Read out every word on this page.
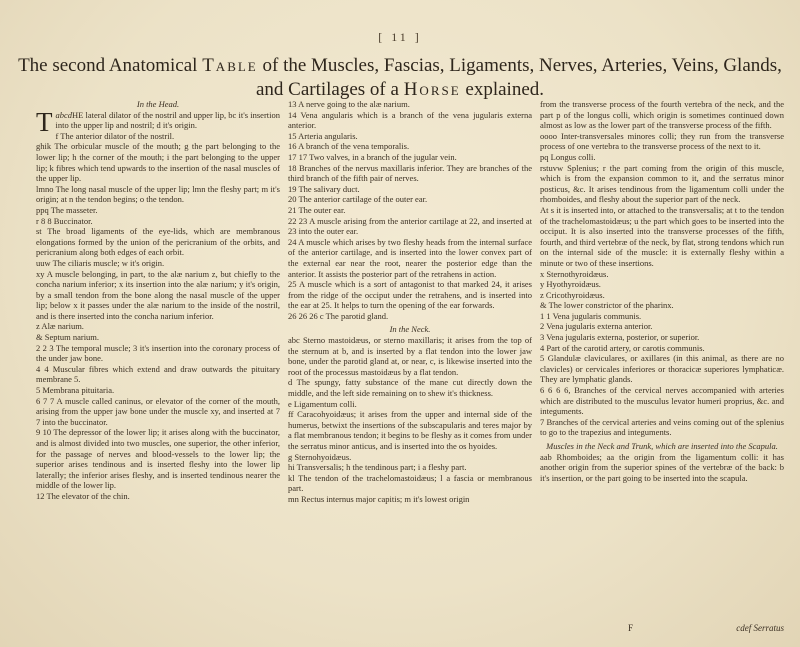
[ 11 ]
The second Anatomical Table of the Muscles, Fascias, Ligaments, Nerves, Arteries, Veins, Glands,
and Cartilages of a Horse explained.

In the Head.

abcd
T HE lateral dilator of the nostril and upper lip, bc it's insertion into the upper lip and nostril; d it's origin.

f The anterior dilator of the nostril.

ghik The orbicular muscle of the mouth; g the part belonging to the lower lip; h the corner of the mouth; i the part belonging to the upper lip; k fibres which tend upwards to the insertion of the nasal muscles of the upper lip.

lmno The long nasal muscle of the upper lip; lmn the fleshy part; m it's origin; at n the tendon begins; o the tendon.

ppq The masseter.

r 8 8 Buccinator.

st The broad ligaments of the eye-lids, which are membranous elongations formed by the union of the pericranium of the orbits, and pericranium along both edges of each orbit.

uuw The ciliaris muscle; w it's origin.

xy A muscle belonging, in part, to the alæ narium z, but chiefly to the concha narium inferior; x its insertion into the alæ narium; y it's origin, by a small tendon from the bone along the nasal muscle of the upper lip; below x it passes under the alæ narium to the inside of the nostril, and is there inserted into the concha narium inferior.

z Alæ narium.

& Septum narium.

2 2 3 The temporal muscle; 3 it's insertion into the coronary process of the under jaw bone.

4 4 Muscular fibres which extend and draw outwards the pituitary membrane 5.

5 Membrana pituitaria.

6 7 7 A muscle called caninus, or elevator of the corner of the mouth, arising from the upper jaw bone under the muscle xy, and inserted at 7 7 into the buccinator.

9 10 The depressor of the lower lip; it arises along with the buccinator, and is almost divided into two muscles, one superior, the other inferior, for the passage of nerves and blood-vessels to the lower lip; the superior arises tendinous and is inserted fleshy into the lower lip laterally; the inferior arises fleshy, and is inserted tendinous nearer the middle of the lower lip.

12 The elevator of the chin.

13 A nerve going to the alæ narium.

14 Vena angularis which is a branch of the vena jugularis externa anterior.

15 Arteria angularis.

16 A branch of the vena temporalis.

17 17 Two valves, in a branch of the jugular vein.

18 Branches of the nervus maxillaris inferior. They are branches of the third branch of the fifth pair of nerves.

19 The salivary duct.

20 The anterior cartilage of the outer ear.

21 The outer ear.

22 23 A muscle arising from the anterior cartilage at 22, and inserted at 23 into the outer ear.

24 A muscle which arises by two fleshy heads from the internal surface of the anterior cartilage, and is inserted into the lower convex part of the external ear near the root, nearer the posterior edge than the anterior. It assists the posterior part of the retrahens in action.

25 A muscle which is a sort of antagonist to that marked 24, it arises from the ridge of the occiput under the retrahens, and is inserted into the ear at 25. It helps to turn the opening of the ear forwards.

26 26 26 c The parotid gland.

In the Neck.

abc Sterno mastoidæus, or sterno maxillaris; it arises from the top of the sternum at b, and is inserted by a flat tendon into the lower jaw bone, under the parotid gland at, or near, c, is likewise inserted into the root of the processus mastoidæus by a flat tendon.

d The spungy, fatty substance of the mane cut directly down the middle, and the left side remaining on to shew it's thickness.

e Ligamentum colli.

ff Caracohyoidæus; it arises from the upper and internal side of the humerus, betwixt the insertions of the subscapularis and teres major by a flat membranous tendon; it begins to be fleshy as it comes from under the serratus minor anticus, and is inserted into the os hyoides.

g Sternohyoidæus.

hi Transversalis; h the tendinous part; i a fleshy part.

kl The tendon of the trachelomastoidæus; l a fascia or membranous part.

mn Rectus internus major capitis; m it's lowest origin

from the transverse process of the fourth vertebra of the neck, and the part p of the longus colli, which origin is sometimes continued down almost as low as the lower part of the transverse process of the fifth.

oooo Inter-transversales minores colli; they run from the transverse process of one vertebra to the transverse process of the next to it.

pq Longus colli.

rstuvw Splenius; r the part coming from the origin of this muscle, which is from the expansion common to it, and the serratus minor posticus, &c. It arises tendinous from the ligamentum colli under the rhomboides, and fleshy about the superior part of the neck.

At s it is inserted into, or attached to the transversalis; at t to the tendon of the trachelomastoidæus; u the part which goes to be inserted into the occiput. It is also inserted into the transverse processes of the fifth, fourth, and third vertebræ of the neck, by flat, strong tendons which run on the internal side of the muscle: it is externally fleshy within a minute or two of these insertions.

x Sternothyroidæus.

y Hyothyroidæus.

z Cricothyroidæus.

& The lower constrictor of the pharinx.

1 1 Vena jugularis communis.

2 Vena jugularis externa anterior.

3 Vena jugularis externa, posterior, or superior.

4 Part of the carotid artery, or carotis communis.

5 Glandulæ claviculares, or axillares (in this animal, as there are no clavicles) or cervicales inferiores or thoracicæ superiores lymphaticæ. They are lymphatic glands.

6 6 6 6, Branches of the cervical nerves accompanied with arteries which are distributed to the musculus levator humeri proprius, &c. and integuments.

7 Branches of the cervical arteries and veins coming out of the splenius to go to the trapezius and integuments.

Muscles in the Neck and Trunk, which are inserted into the Scapula.

aab Rhomboides; aa the origin from the ligamentum colli: it has another origin from the superior spines of the vertebræ of the back: b it's insertion, or the part going to be inserted into the scapula.

F	cdef Serratus
